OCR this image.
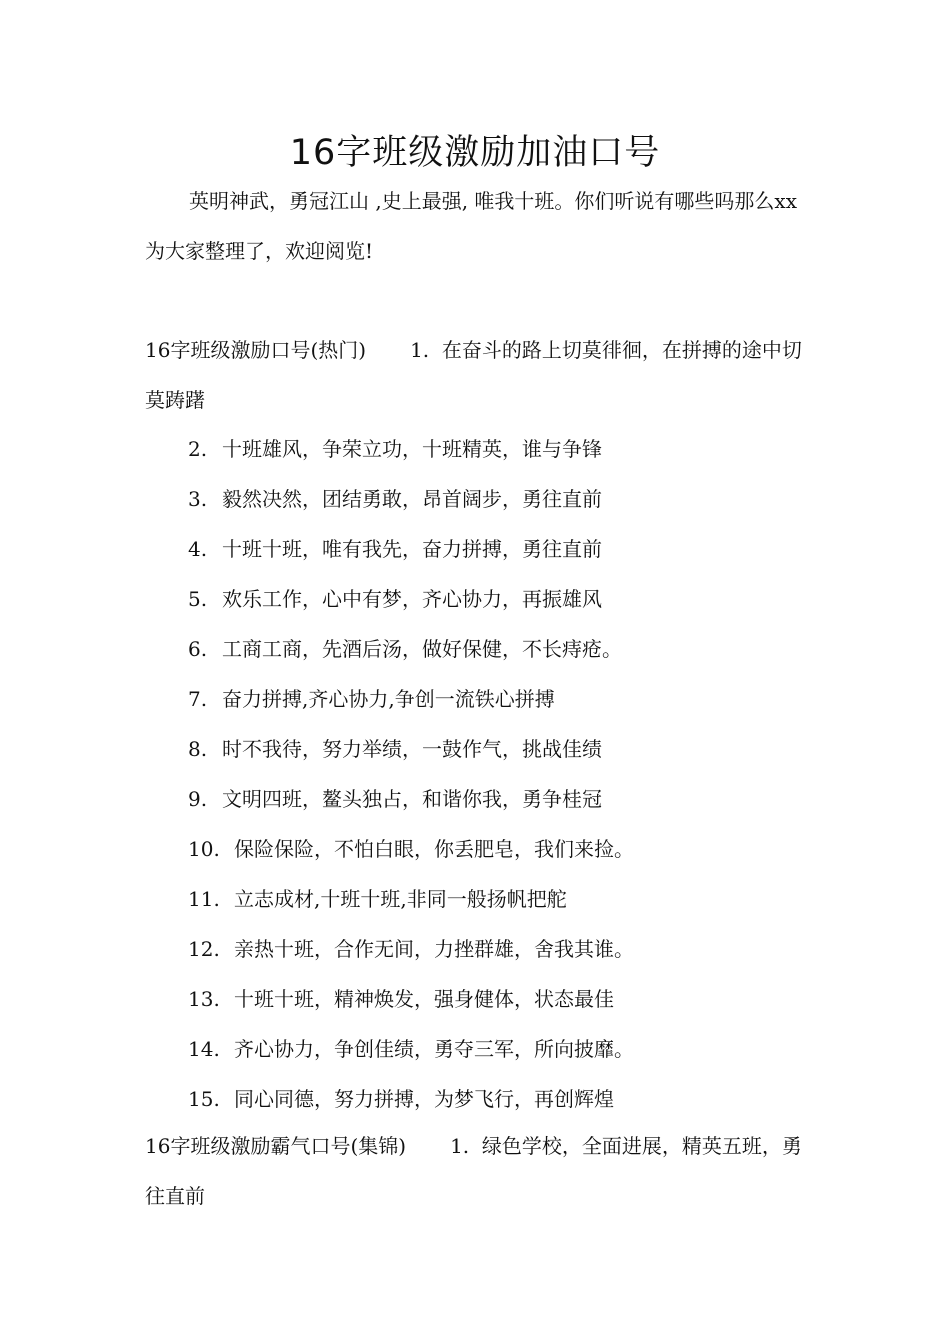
16字班级激励加油口号

英明神武，勇冠江山 ,史上最强, 唯我十班。你们听说有哪些吗那么xx为大家整理了，欢迎阅览!

16字班级激励口号(热门) 1. 在奋斗的路上切莫徘徊，在拼搏的途中切莫踌躇

2. 十班雄风，争荣立功，十班精英，谁与争锋
3. 毅然决然，团结勇敢，昂首阔步，勇往直前
4. 十班十班，唯有我先，奋力拼搏，勇往直前
5. 欢乐工作，心中有梦，齐心协力，再振雄风
6. 工商工商，先酒后汤，做好保健，不长痔疮。
7. 奋力拼搏,齐心协力,争创一流铁心拼搏
8. 时不我待，努力举绩，一鼓作气，挑战佳绩
9. 文明四班，鳌头独占，和谐你我，勇争桂冠
10. 保险保险，不怕白眼，你丢肥皂，我们来捡。
11. 立志成材,十班十班,非同一般扬帆把舵
12. 亲热十班，合作无间，力挫群雄，舍我其谁。
13. 十班十班，精神焕发，强身健体，状态最佳
14. 齐心协力，争创佳绩，勇夺三军，所向披靡。
15. 同心同德，努力拼搏，为梦飞行，再创辉煌

16字班级激励霸气口号(集锦) 1. 绿色学校，全面进展，精英五班，勇往直前
